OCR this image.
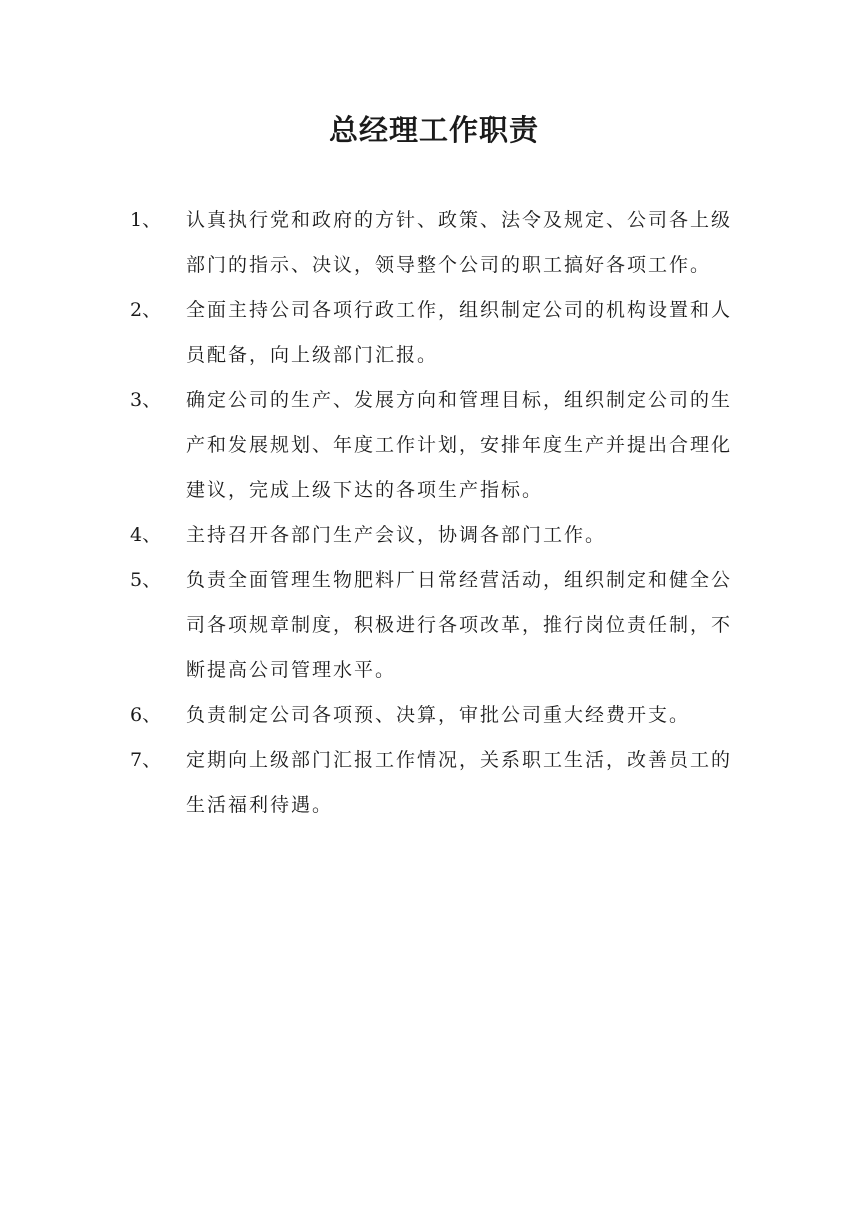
总经理工作职责
1、	认真执行党和政府的方针、政策、法令及规定、公司各上级部门的指示、决议，领导整个公司的职工搞好各项工作。
2、	全面主持公司各项行政工作，组织制定公司的机构设置和人员配备，向上级部门汇报。
3、	确定公司的生产、发展方向和管理目标，组织制定公司的生产和发展规划、年度工作计划，安排年度生产并提出合理化建议，完成上级下达的各项生产指标。
4、	主持召开各部门生产会议，协调各部门工作。
5、	负责全面管理生物肥料厂日常经营活动，组织制定和健全公司各项规章制度，积极进行各项改革，推行岗位责任制，不断提高公司管理水平。
6、	负责制定公司各项预、决算，审批公司重大经费开支。
7、	定期向上级部门汇报工作情况，关系职工生活，改善员工的生活福利待遇。
